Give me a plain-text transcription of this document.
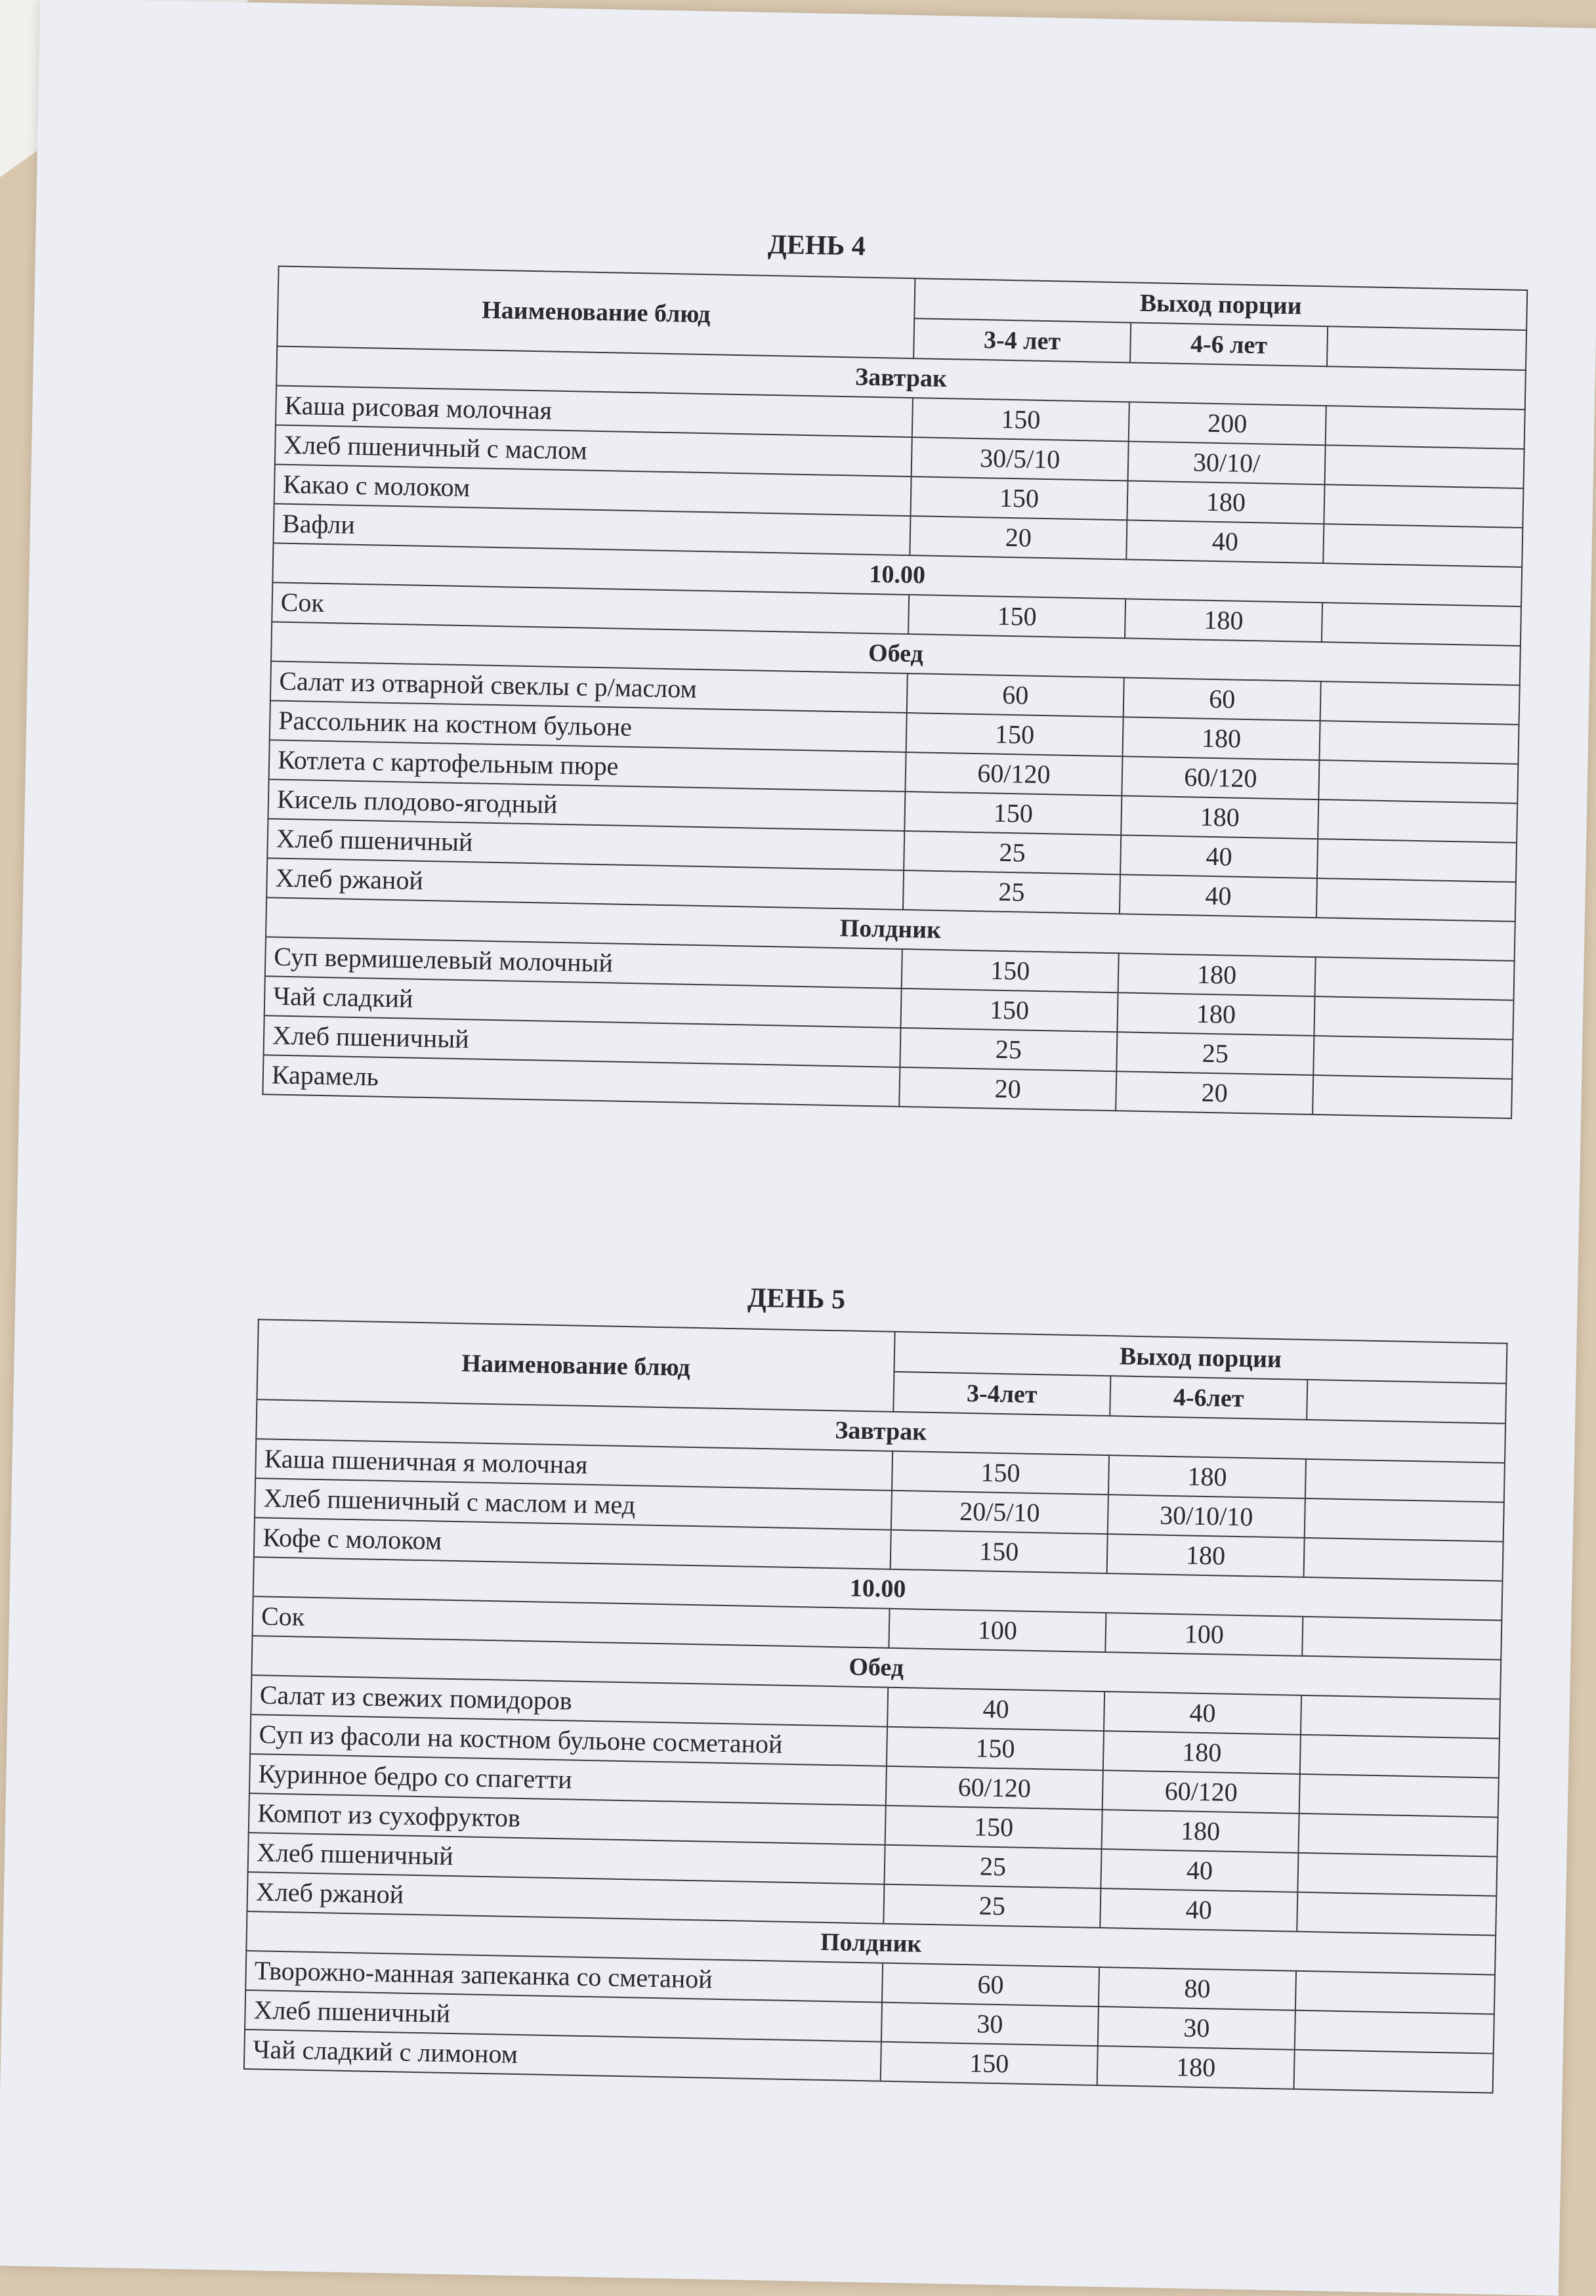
ДЕНЬ 4
Наименование блюд	Выход порции		
	3-4 лет	4-6 лет	
Завтрак			
Каша рисовая молочная	150	200	
Хлеб пшеничный с маслом	30/5/10	30/10/	
Какао с молоком	150	180	
Вафли	20	40	
10.00			
Сок	150	180	
Обед			
Салат из отварной свеклы с р/маслом	60	60	
Рассольник на костном бульоне	150	180	
Котлета с картофельным пюре	60/120	60/120	
Кисель плодово-ягодный	150	180	
Хлеб пшеничный	25	40	
Хлеб ржаной	25	40	
Полдник			
Суп вермишелевый молочный	150	180	
Чай сладкий	150	180	
Хлеб пшеничный	25	25	
Карамель	20	20	
ДЕНЬ 5
Наименование блюд	Выход порции		
	3-4лет	4-6лет	
Завтрак			
Каша пшеничная я молочная	150	180	
Хлеб пшеничный с маслом и мед	20/5/10	30/10/10	
Кофе с молоком	150	180	
10.00			
Сок	100	100	
Обед			
Салат из свежих помидоров	40	40	
Суп из фасоли на костном бульоне сосметаной	150	180	
Куринное бедро со спагетти	60/120	60/120	
Компот из сухофруктов	150	180	
Хлеб пшеничный	25	40	
Хлеб ржаной	25	40	
Полдник			
Творожно-манная запеканка со сметаной	60	80	
Хлеб пшеничный	30	30	
Чай сладкий с лимоном	150	180	
